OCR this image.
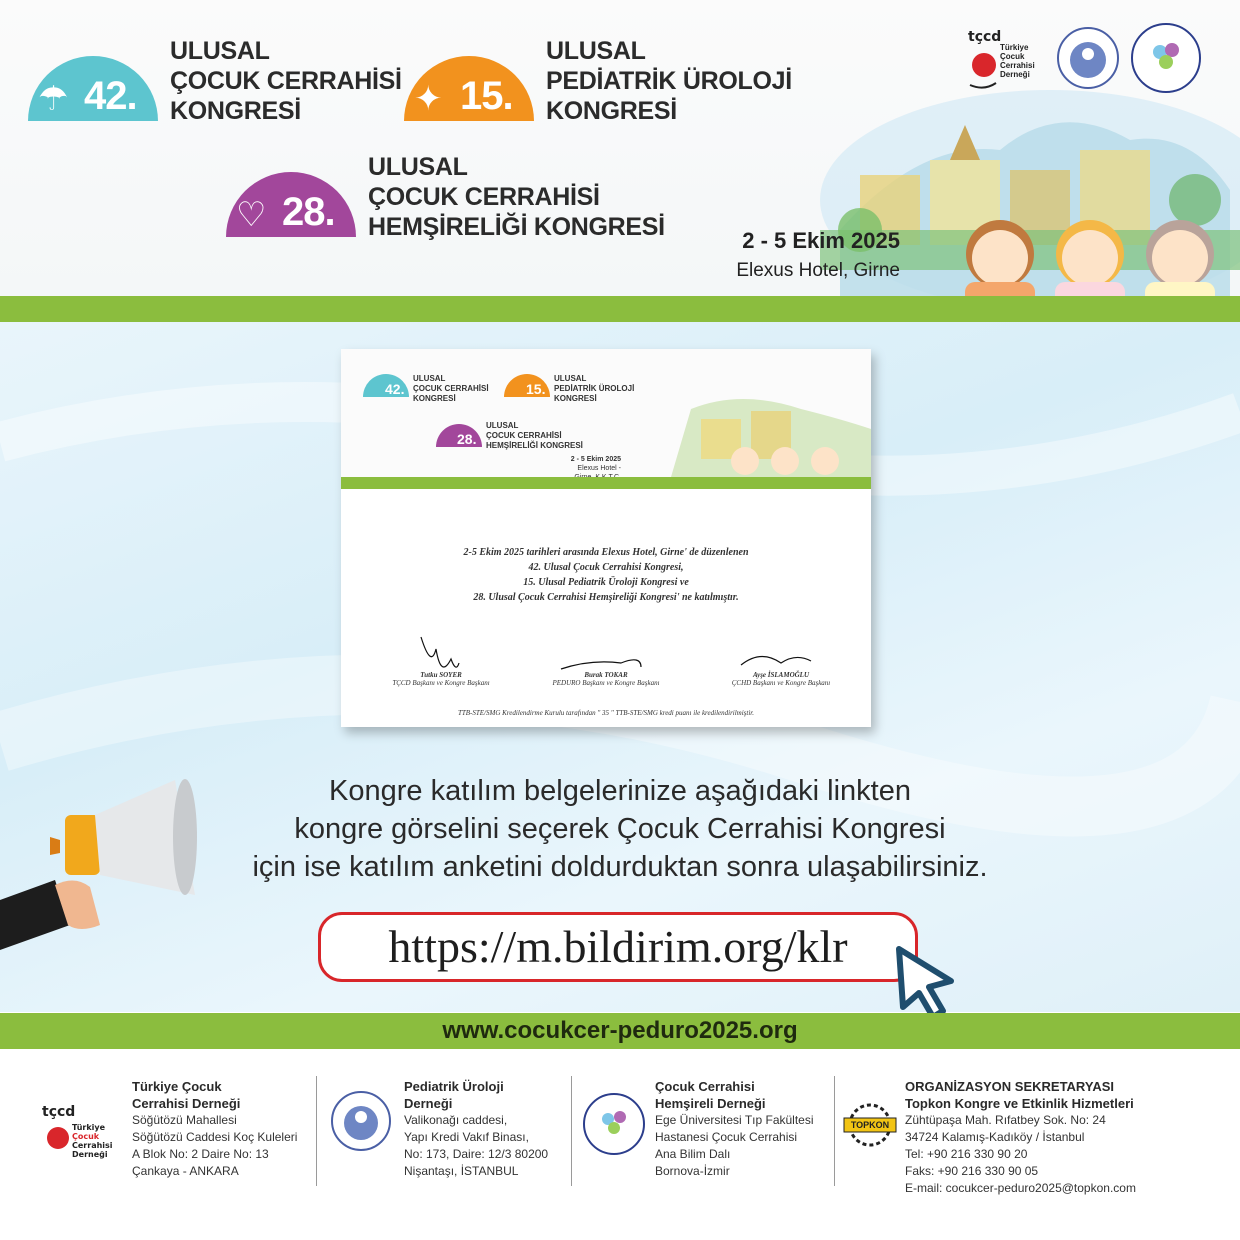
☂ 42.
ULUSAL
ÇOCUK CERRAHİSİ
KONGRESİ	✦ 15.
ULUSAL
PEDİATRİK ÜROLOJİ
KONGRESİ
♡ 28.
ULUSAL
ÇOCUK CERRAHİSİ
HEMŞİRELİĞİ KONGRESİ	2 - 5 Ekim 2025
Elexus Hotel, Girne
tçcd
Türkiye
Çocuk
Cerrahisi
Derneği
42.
ULUSAL
ÇOCUK CERRAHİSİ
KONGRESİ
15.
ULUSAL
PEDİATRİK ÜROLOJİ
KONGRESİ
28.
ULUSAL
ÇOCUK CERRAHİSİ
HEMŞİRELİĞİ KONGRESİ
2 - 5 Ekim 2025
Elexus Hotel -
2-5 Ekim 2025 tarihleri arasında Elexus Hotel, Girne' de düzenlenen
42. Ulusal Çocuk Cerrahisi Kongresi,
15. Ulusal Pediatrik Üroloji Kongresi ve
28. Ulusal Çocuk Cerrahisi Hemşireliği Kongresi' ne katılmıştır.
Tutku SOYER
TÇCD Başkanı ve Kongre Başkanı
Burak TOKAR
PEDURO Başkanı ve Kongre Başkanı
Ayşe İSLAMOĞLU
ÇCHD Başkanı ve Kongre Başkanı
TTB-STE/SMG Kredilendirme Kurulu tarafından " 35 " TTB-STE/SMG kredi puanı ile kredilendirilmiştir.
Kongre katılım belgelerinize aşağıdaki linkten
kongre görselini seçerek Çocuk Cerrahisi Kongresi
için ise katılım anketini doldurduktan sonra ulaşabilirsiniz.
https://m.bildirim.org/klr
www.cocukcer-peduro2025.org
tçcd
Türkiye
Çocuk
Cerrahisi
Derneği
Türkiye Çocuk
Cerrahisi Derneği
Söğütözü Mahallesi
Söğütözü Caddesi Koç Kuleleri
A Blok No: 2 Daire No: 13
Çankaya - ANKARA
Pediatrik Üroloji
Derneği
Valikonağı caddesi,
Yapı Kredi Vakıf Binası,
No: 173, Daire: 12/3 80200
Nişantaşı, İSTANBUL
Çocuk Cerrahisi
Hemşireli Derneği
Ege Üniversitesi Tıp Fakültesi
Hastanesi Çocuk Cerrahisi
Ana Bilim Dalı
Bornova-İzmir
TOPKON
ORGANİZASYON SEKRETARYASI
Topkon Kongre ve Etkinlik Hizmetleri
Zühtüpaşa Mah. Rıfatbey Sok. No: 24
34724 Kalamış-Kadıköy / İstanbul
Tel: +90 216 330 90 20
Faks: +90 216 330 90 05
E-mail: cocukcer-peduro2025@topkon.com
